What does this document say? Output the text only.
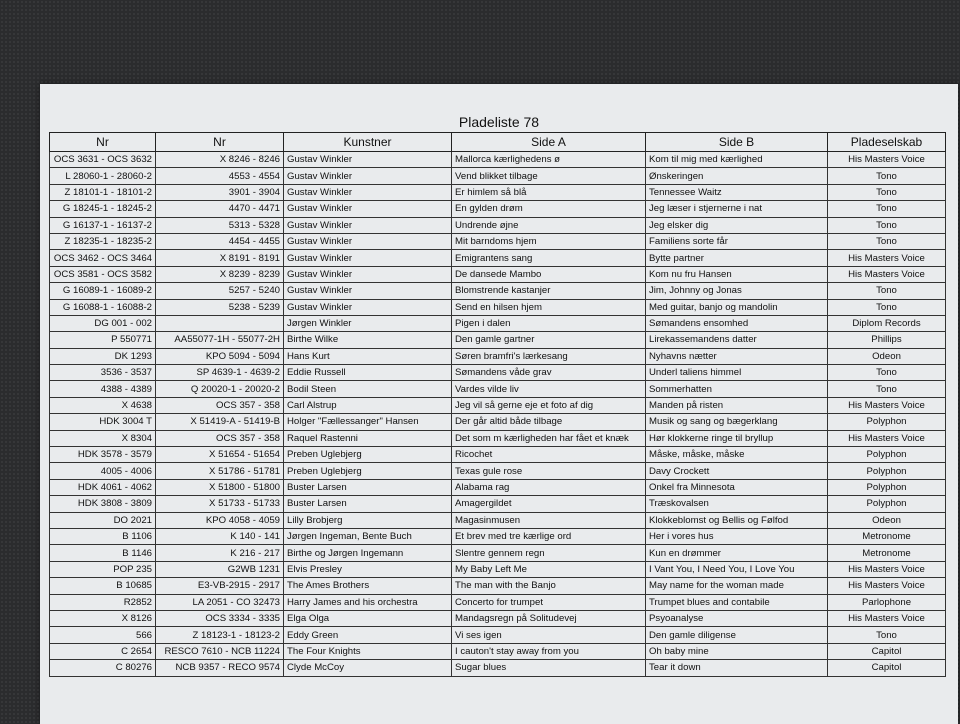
Pladeliste 78
Nr	Nr	Kunstner	Side A	Side B	Pladeselskab
OCS 3631 - OCS 3632	X 8246 - 8246	Gustav Winkler	Mallorca kærlighedens ø	Kom til mig med kærlighed	His Masters Voice
L 28060-1 - 28060-2	4553 - 4554	Gustav Winkler	Vend blikket tilbage	Ønskeringen	Tono
Z 18101-1 - 18101-2	3901 - 3904	Gustav Winkler	Er himlem så blå	Tennessee Waitz	Tono
G 18245-1 - 18245-2	4470 - 4471	Gustav Winkler	En gylden drøm	Jeg læser i stjernerne i nat	Tono
G 16137-1 - 16137-2	5313 - 5328	Gustav Winkler	Undrende øjne	Jeg elsker dig	Tono
Z 18235-1 - 18235-2	4454 - 4455	Gustav Winkler	Mit barndoms hjem	Familiens sorte får	Tono
OCS 3462 - OCS 3464	X 8191 - 8191	Gustav Winkler	Emigrantens sang	Bytte partner	His Masters Voice
OCS 3581 - OCS 3582	X 8239 - 8239	Gustav Winkler	De dansede Mambo	Kom nu fru Hansen	His Masters Voice
G 16089-1 - 16089-2	5257 - 5240	Gustav Winkler	Blomstrende kastanjer	Jim, Johnny og Jonas	Tono
G 16088-1 - 16088-2	5238 - 5239	Gustav Winkler	Send en hilsen hjem	Med guitar, banjo og mandolin	Tono
DG 001 - 002		Jørgen Winkler	Pigen i dalen	Sømandens ensomhed	Diplom Records
P 550771	AA55077-1H - 55077-2H	Birthe Wilke	Den gamle gartner	Lirekassemandens datter	Phillips
DK 1293	KPO 5094 - 5094	Hans Kurt	Søren bramfri's lærkesang	Nyhavns nætter	Odeon
3536 - 3537	SP 4639-1 - 4639-2	Eddie Russell	Sømandens våde grav	Underl taliens himmel	Tono
4388 - 4389	Q 20020-1 - 20020-2	Bodil Steen	Vardes vilde liv	Sommerhatten	Tono
X 4638	OCS 357 - 358	Carl Alstrup	Jeg vil så gerne eje et foto af dig	Manden på risten	His Masters Voice
HDK 3004 T	X 51419-A - 51419-B	Holger "Fællessanger" Hansen	Der går altid både tilbage	Musik og sang og bægerklang	Polyphon
X 8304	OCS 357 - 358	Raquel Rastenni	Det som m kærligheden har fået et knæk	Hør klokkerne ringe til bryllup	His Masters Voice
HDK 3578 - 3579	X 51654 - 51654	Preben Uglebjerg	Ricochet	Måske, måske, måske	Polyphon
4005 - 4006	X 51786 - 51781	Preben Uglebjerg	Texas gule rose	Davy Crockett	Polyphon
HDK 4061 - 4062	X 51800 - 51800	Buster Larsen	Alabama rag	Onkel fra Minnesota	Polyphon
HDK 3808 - 3809	X 51733 - 51733	Buster Larsen	Amagergildet	Træskovalsen	Polyphon
DO 2021	KPO 4058 - 4059	Lilly Brobjerg	Magasinmusen	Klokkeblomst og Bellis og Følfod	Odeon
B 1106	K 140 - 141	Jørgen Ingeman, Bente Buch	Et brev med tre kærlige ord	Her i vores hus	Metronome
B 1146	K 216 - 217	Birthe og Jørgen Ingemann	Slentre gennem regn	Kun en drømmer	Metronome
POP 235	G2WB 1231	Elvis Presley	My Baby Left Me	I Vant You, I Need You, I Love You	His Masters Voice
B 10685	E3-VB-2915 - 2917	The Ames Brothers	The man with the Banjo	May name for the woman made	His Masters Voice
R2852	LA 2051 - CO 32473	Harry James and his orchestra	Concerto for trumpet	Trumpet blues and contabile	Parlophone
X 8126	OCS 3334 - 3335	Elga Olga	Mandagsregn på Solitudevej	Psyoanalyse	His Masters Voice
566	Z 18123-1 - 18123-2	Eddy Green	Vi ses igen	Den gamle diligense	Tono
C 2654	RESCO 7610 - NCB 11224	The Four Knights	I cauton't stay away from you	Oh baby mine	Capitol
C 80276	NCB 9357 - RECO 9574	Clyde McCoy	Sugar blues	Tear it down	Capitol
